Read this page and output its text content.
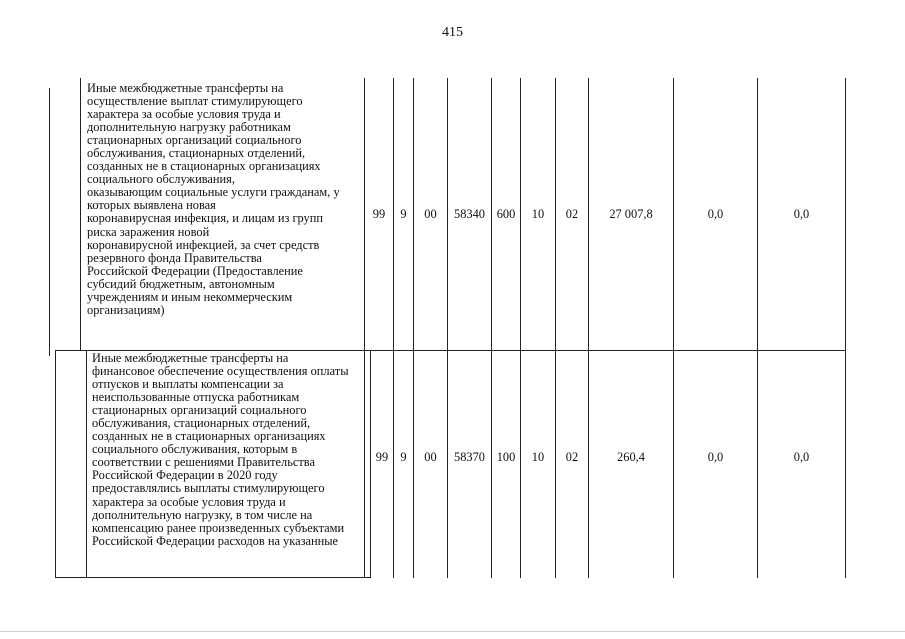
415

Иные межбюджетные трансферты на
осуществление выплат стимулирующего
характера за особые условия труда и
дополнительную нагрузку работникам
стационарных организаций социального
обслуживания, стационарных отделений,
созданных не в стационарных организациях
социального обслуживания,
оказывающим социальные услуги гражданам, у
которых выявлена новая
коронавирусная инфекция, и лицам из групп
риска заражения новой
коронавирусной инфекцией, за счет средств
резервного фонда Правительства
Российской Федерации (Предоставление
субсидий бюджетным, автономным
учреждениям и иным некоммерческим
организациям)

99	9	00	58340 600	10	02	27 007,8	0,0	0,0

Иные межбюджетные трансферты на
финансовое обеспечение осуществления оплаты
отпусков и выплаты компенсации за
неиспользованные отпуска работникам
стационарных организаций социального
обслуживания, стационарных отделений,
созданных не в стационарных организациях
социального обслуживания, которым в
соответствии с решениями Правительства
Российской Федерации в 2020 году
предоставлялись выплаты стимулирующего
характера за особые условия труда и
дополнительную нагрузку, в том числе на
компенсацию ранее произведенных субъектами
Российской Федерации расходов на указанные

99 9	00	58370 100	10	02	260,4	0,0	0,0
